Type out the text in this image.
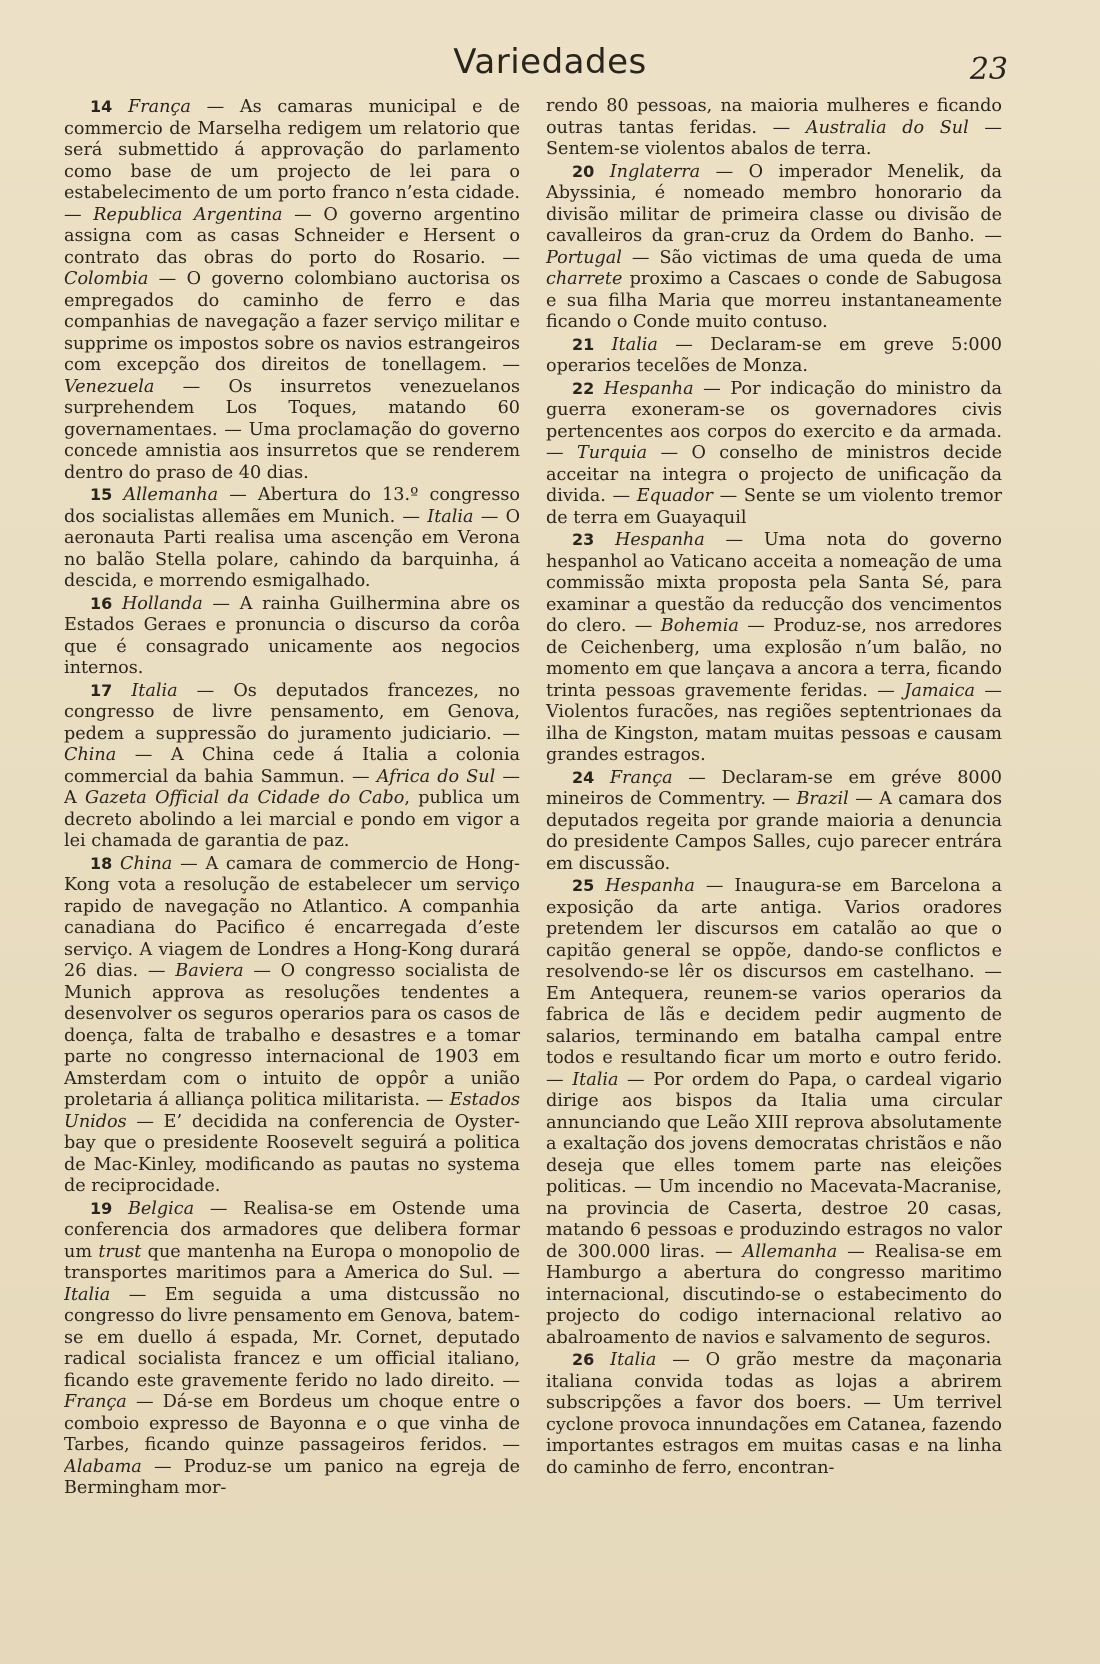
Variedades	23

14 França — As camaras municipal e de commercio de Marselha redigem um relatorio que será submettido á approvação do parlamento como base de um projecto de lei para o estabelecimento de um porto franco n’esta cidade. — Republica Argentina — O governo argentino assigna com as casas Schneider e Hersent o contrato das obras do porto do Rosario. — Colombia — O governo colombiano auctorisa os empregados do caminho de ferro e das companhias de navegação a fazer serviço militar e supprime os impostos sobre os navios estrangeiros com excepção dos direitos de tonellagem. — Venezuela — Os insurretos venezuelanos surprehendem Los Toques, matando 60 governamentaes. — Uma proclamação do governo concede amnistia aos insurretos que se renderem dentro do praso de 40 dias.

15 Allemanha — Abertura do 13.º congresso dos socialistas allemães em Munich. — Italia — O aeronauta Parti realisa uma ascenção em Verona no balão Stella polare, cahindo da barquinha, á descida, e morrendo esmigalhado.

16 Hollanda — A rainha Guilhermina abre os Estados Geraes e pronuncia o discurso da corôa que é consagrado unicamente aos negocios internos.

17 Italia — Os deputados francezes, no congresso de livre pensamento, em Genova, pedem a suppressão do juramento judiciario. — China — A China cede á Italia a colonia commercial da bahia Sammun. — Africa do Sul — A Gazeta Official da Cidade do Cabo, publica um decreto abolindo a lei marcial e pondo em vigor a lei chamada de garantia de paz.

18 China — A camara de commercio de Hong-Kong vota a resolução de estabelecer um serviço rapido de navegação no Atlantico. A companhia canadiana do Pacifico é encarregada d’este serviço. A viagem de Londres a Hong-Kong durará 26 dias. — Baviera — O congresso socialista de Munich approva as resoluções tendentes a desenvolver os seguros operarios para os casos de doença, falta de trabalho e desastres e a tomar parte no congresso internacional de 1903 em Amsterdam com o intuito de oppôr a união proletaria á alliança politica militarista. — Estados Unidos — E’ decidida na conferencia de Oyster-bay que o presidente Roosevelt seguirá a politica de Mac-Kinley, modificando as pautas no systema de reciprocidade.

19 Belgica — Realisa-se em Ostende uma conferencia dos armadores que delibera formar um trust que mantenha na Europa o monopolio de transportes maritimos para a America do Sul. — Italia — Em seguida a uma distcussão no congresso do livre pensamento em Genova, batem-se em duello á espada, Mr. Cornet, deputado radical socialista francez e um official italiano, ficando este gravemente ferido no lado direito. — França — Dá-se em Bordeus um choque entre o comboio expresso de Bayonna e o que vinha de Tarbes, ficando quinze passageiros feridos. — Alabama — Produz-se um panico na egreja de Bermingham mor-

rendo 80 pessoas, na maioria mulheres e ficando outras tantas feridas. — Australia do Sul — Sentem-se violentos abalos de terra.

20 Inglaterra — O imperador Menelik, da Abyssinia, é nomeado membro honorario da divisão militar de primeira classe ou divisão de cavalleiros da gran-cruz da Ordem do Banho. — Portugal — São victimas de uma queda de uma charrete proximo a Cascaes o conde de Sabugosa e sua filha Maria que morreu instantaneamente ficando o Conde muito contuso.

21 Italia — Declaram-se em greve 5:000 operarios tecelões de Monza.

22 Hespanha — Por indicação do ministro da guerra exoneram-se os governadores civis pertencentes aos corpos do exercito e da armada. — Turquia — O conselho de ministros decide acceitar na integra o projecto de unificação da divida. — Equador — Sente se um violento tremor de terra em Guayaquil

23 Hespanha — Uma nota do governo hespanhol ao Vaticano acceita a nomeação de uma commissão mixta proposta pela Santa Sé, para examinar a questão da reducção dos vencimentos do clero. — Bohemia — Produz-se, nos arredores de Ceichenberg, uma explosão n’um balão, no momento em que lançava a ancora a terra, ficando trinta pessoas gravemente feridas. — Jamaica — Violentos furacões, nas regiões septentrionaes da ilha de Kingston, matam muitas pessoas e causam grandes estragos.

24 França — Declaram-se em gréve 8000 mineiros de Commentry. — Brazil — A camara dos deputados regeita por grande maioria a denuncia do presidente Campos Salles, cujo parecer entrára em discussão.

25 Hespanha — Inaugura-se em Barcelona a exposição da arte antiga. Varios oradores pretendem ler discursos em catalão ao que o capitão general se oppõe, dando-se conflictos e resolvendo-se lêr os discursos em castelhano. — Em Antequera, reunem-se varios operarios da fabrica de lãs e decidem pedir augmento de salarios, terminando em batalha campal entre todos e resultando ficar um morto e outro ferido. — Italia — Por ordem do Papa, o cardeal vigario dirige aos bispos da Italia uma circular annunciando que Leão XIII reprova absolutamente a exaltação dos jovens democratas christãos e não deseja que elles tomem parte nas eleições politicas. — Um incendio no Macevata-Macranise, na provincia de Caserta, destroe 20 casas, matando 6 pessoas e produzindo estragos no valor de 300.000 liras. — Allemanha — Realisa-se em Hamburgo a abertura do congresso maritimo internacional, discutindo-se o estabecimento do projecto do codigo internacional relativo ao abalroamento de navios e salvamento de seguros.

26 Italia — O grão mestre da maçonaria italiana convida todas as lojas a abrirem subscripções a favor dos boers. — Um terrivel cyclone provoca innundações em Catanea, fazendo importantes estragos em muitas casas e na linha do caminho de ferro, encontran-
